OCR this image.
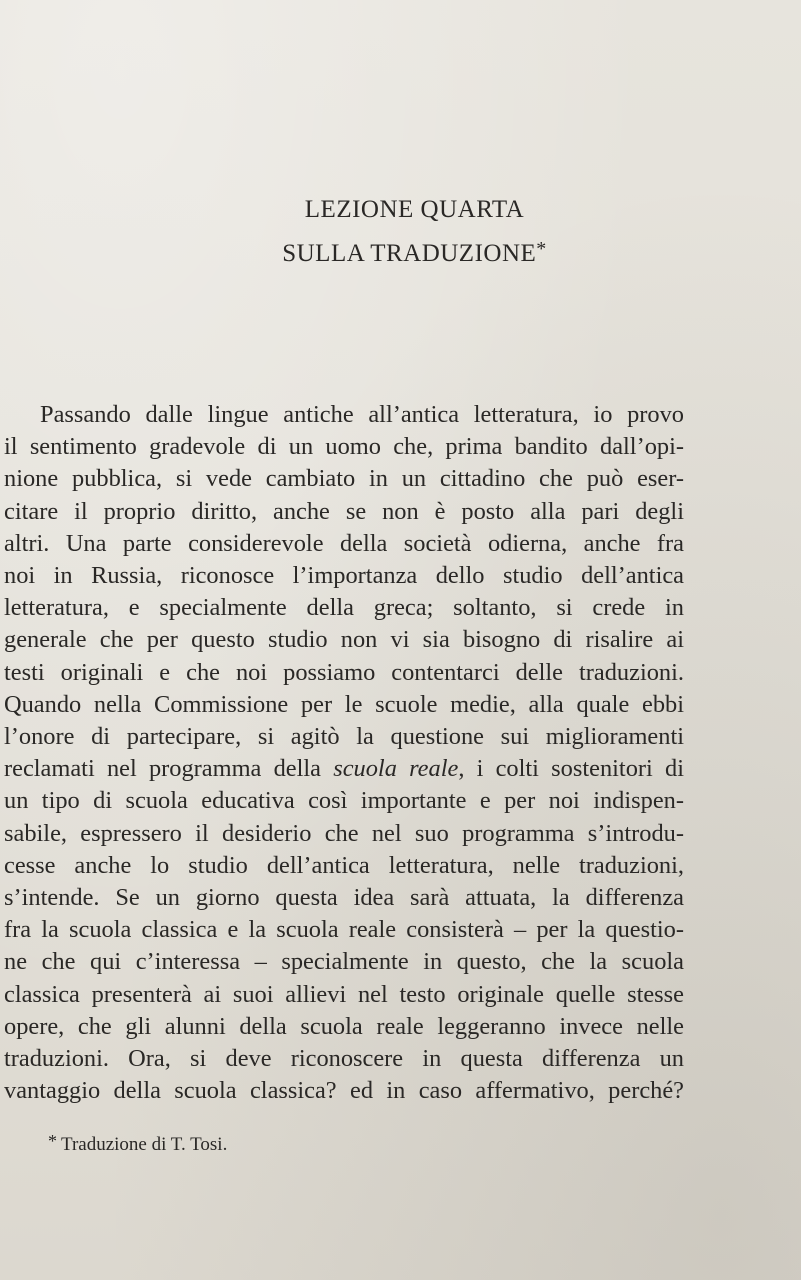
LEZIONE QUARTA
SULLA TRADUZIONE*
Passando dalle lingue antiche all’antica letteratura, io provo
il sentimento gradevole di un uomo che, prima bandito dall’opi-
nione pubblica, si vede cambiato in un cittadino che può eser-
citare il proprio diritto, anche se non è posto alla pari degli
altri. Una parte considerevole della società odierna, anche fra
noi in Russia, riconosce l’importanza dello studio dell’antica
letteratura, e specialmente della greca; soltanto, si crede in
generale che per questo studio non vi sia bisogno di risalire ai
testi originali e che noi possiamo contentarci delle traduzioni.
Quando nella Commissione per le scuole medie, alla quale ebbi
l’onore di partecipare, si agitò la questione sui miglioramenti
reclamati nel programma della scuola reale, i colti sostenitori di
un tipo di scuola educativa così importante e per noi indispen-
sabile, espressero il desiderio che nel suo programma s’introdu-
cesse anche lo studio dell’antica letteratura, nelle traduzioni,
s’intende. Se un giorno questa idea sarà attuata, la differenza
fra la scuola classica e la scuola reale consisterà – per la questio-
ne che qui c’interessa – specialmente in questo, che la scuola
classica presenterà ai suoi allievi nel testo originale quelle stesse
opere, che gli alunni della scuola reale leggeranno invece nelle
traduzioni. Ora, si deve riconoscere in questa differenza un
vantaggio della scuola classica? ed in caso affermativo, perché?

* Traduzione di T. Tosi.
